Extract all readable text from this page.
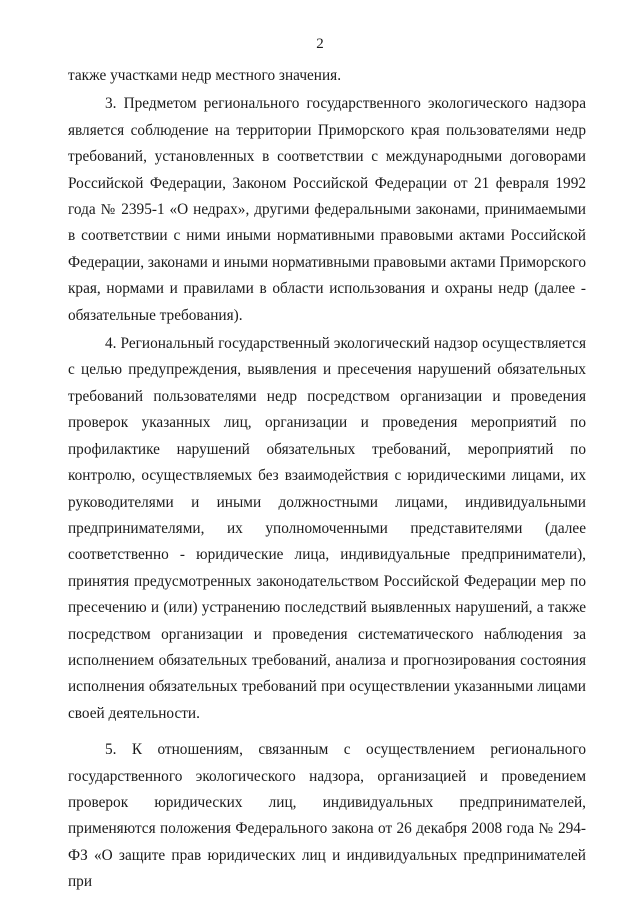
2

также участками недр местного значения.

3. Предметом регионального государственного экологического надзора является соблюдение на территории Приморского края пользователями недр требований, установленных в соответствии с международными договорами Российской Федерации, Законом Российской Федерации от 21 февраля 1992 года № 2395-1 «О недрах», другими федеральными законами, принимаемыми в соответствии с ними иными нормативными правовыми актами Российской Федерации, законами и иными нормативными правовыми актами Приморского края, нормами и правилами в области использования и охраны недр (далее - обязательные требования).

4. Региональный государственный экологический надзор осуществляется с целью предупреждения, выявления и пресечения нарушений обязательных требований пользователями недр посредством организации и проведения проверок указанных лиц, организации и проведения мероприятий по профилактике нарушений обязательных требований, мероприятий по контролю, осуществляемых без взаимодействия с юридическими лицами, их руководителями и иными должностными лицами, индивидуальными предпринимателями, их уполномоченными представителями (далее соответственно - юридические лица, индивидуальные предприниматели), принятия предусмотренных законодательством Российской Федерации мер по пресечению и (или) устранению последствий выявленных нарушений, а также посредством организации и проведения систематического наблюдения за исполнением обязательных требований, анализа и прогнозирования состояния исполнения обязательных требований при осуществлении указанными лицами своей деятельности.

5. К отношениям, связанным с осуществлением регионального государственного экологического надзора, организацией и проведением проверок юридических лиц, индивидуальных предпринимателей, применяются положения Федерального закона от 26 декабря 2008 года № 294-ФЗ «О защите прав юридических лиц и индивидуальных предпринимателей при
